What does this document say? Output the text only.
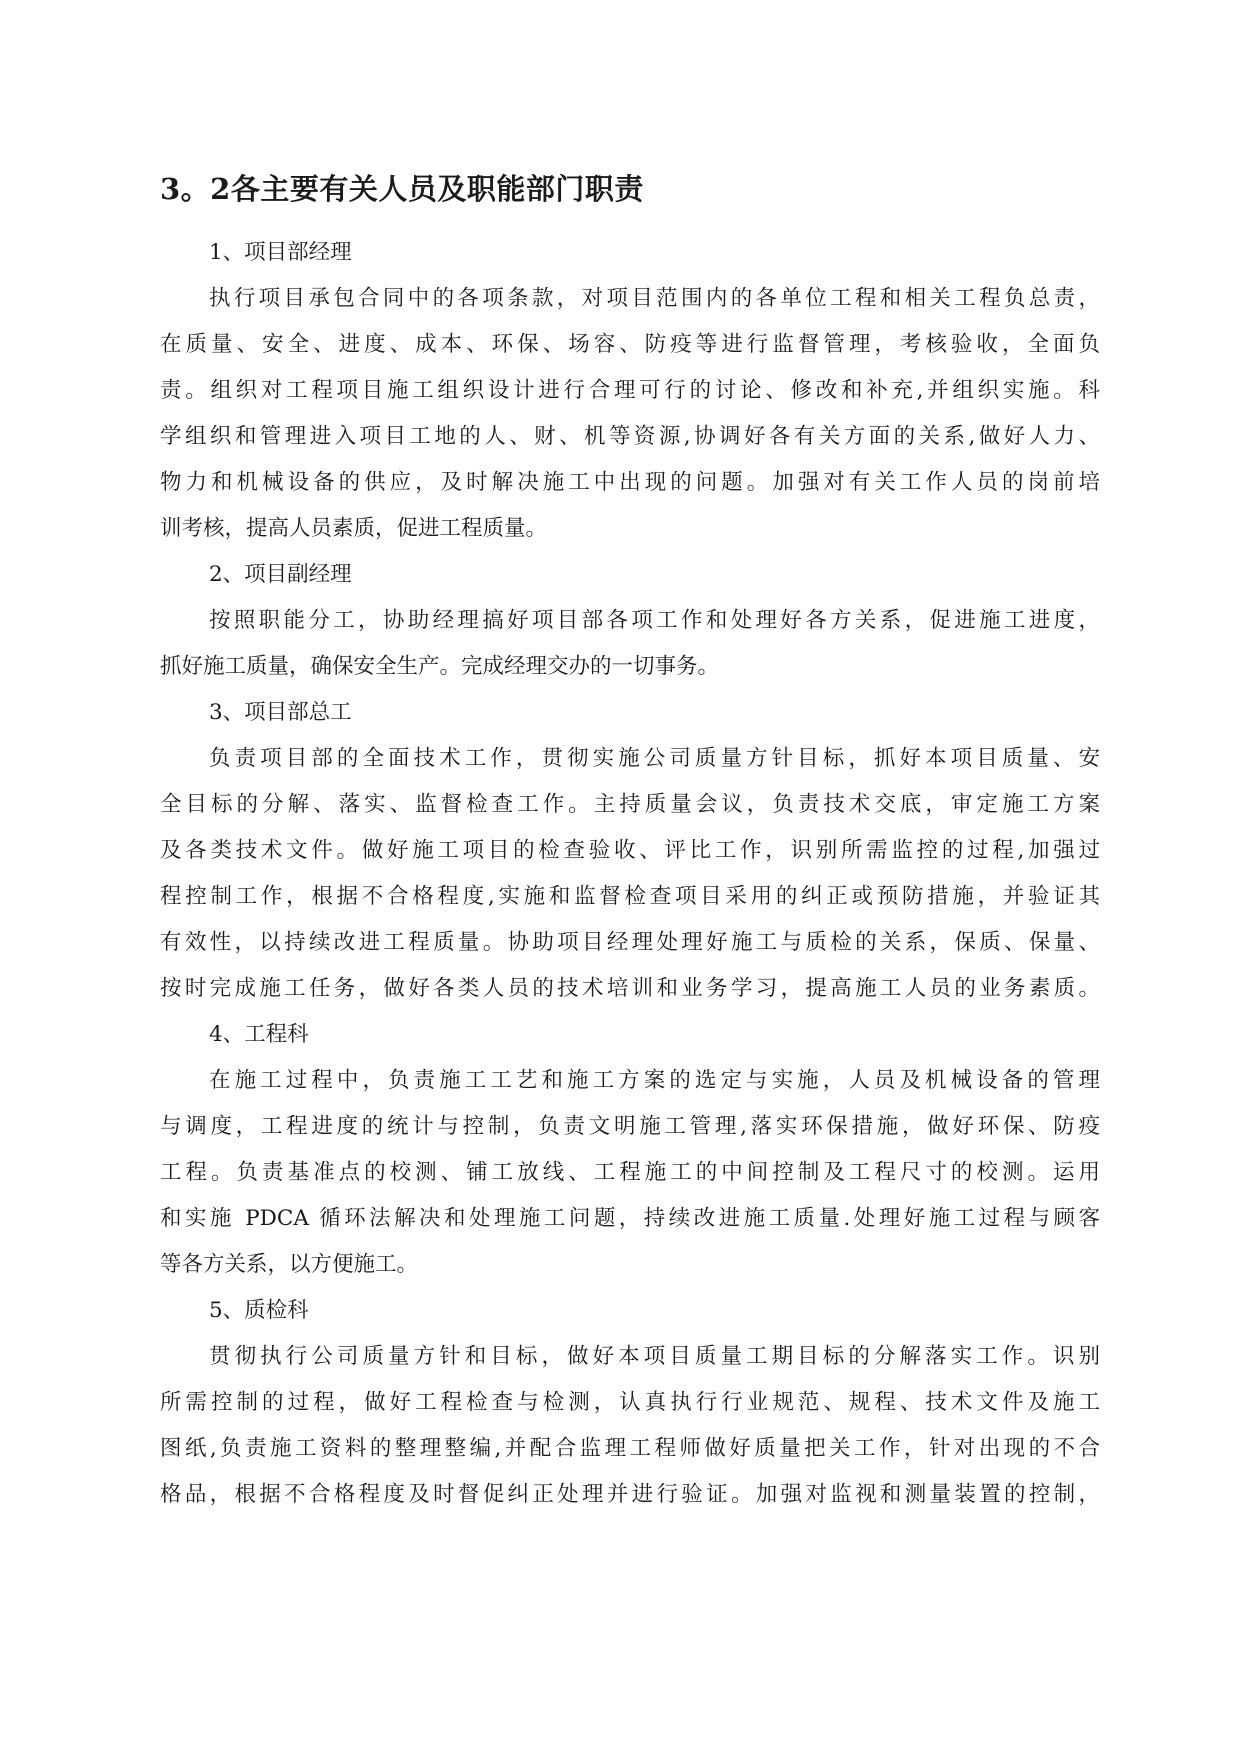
3。2各主要有关人员及职能部门职责
1、项目部经理
执行项目承包合同中的各项条款，对项目范围内的各单位工程和相关工程负总责，
在质量、安全、进度、成本、环保、场容、防疫等进行监督管理，考核验收，全面负
责。组织对工程项目施工组织设计进行合理可行的讨论、修改和补充,并组织实施。科
学组织和管理进入项目工地的人、财、机等资源,协调好各有关方面的关系,做好人力、
物力和机械设备的供应，及时解决施工中出现的问题。加强对有关工作人员的岗前培
训考核，提高人员素质，促进工程质量。
2、项目副经理
按照职能分工，协助经理搞好项目部各项工作和处理好各方关系，促进施工进度，
抓好施工质量，确保安全生产。完成经理交办的一切事务。
3、项目部总工
负责项目部的全面技术工作，贯彻实施公司质量方针目标，抓好本项目质量、安
全目标的分解、落实、监督检查工作。主持质量会议，负责技术交底，审定施工方案
及各类技术文件。做好施工项目的检查验收、评比工作，识别所需监控的过程,加强过
程控制工作，根据不合格程度,实施和监督检查项目采用的纠正或预防措施，并验证其
有效性，以持续改进工程质量。协助项目经理处理好施工与质检的关系，保质、保量、
按时完成施工任务，做好各类人员的技术培训和业务学习，提高施工人员的业务素质。
4、工程科
在施工过程中，负责施工工艺和施工方案的选定与实施，人员及机械设备的管理
与调度，工程进度的统计与控制，负责文明施工管理,落实环保措施，做好环保、防疫
工程。负责基准点的校测、铺工放线、工程施工的中间控制及工程尺寸的校测。运用
和实施 PDCA 循环法解决和处理施工问题，持续改进施工质量.处理好施工过程与顾客
等各方关系，以方便施工。
5、质检科
贯彻执行公司质量方针和目标，做好本项目质量工期目标的分解落实工作。识别
所需控制的过程，做好工程检查与检测，认真执行行业规范、规程、技术文件及施工
图纸,负责施工资料的整理整编,并配合监理工程师做好质量把关工作，针对出现的不合
格品，根据不合格程度及时督促纠正处理并进行验证。加强对监视和测量装置的控制，
